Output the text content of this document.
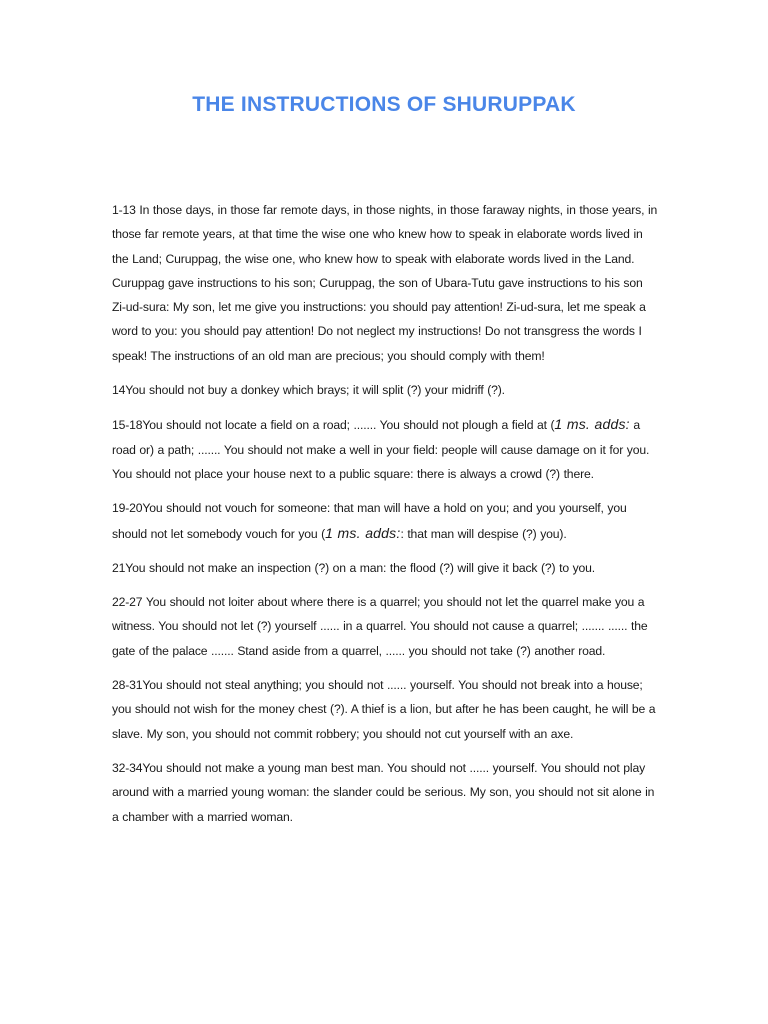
THE INSTRUCTIONS OF SHURUPPAK

1-13 In those days, in those far remote days, in those nights, in those faraway nights, in those years, in those far remote years, at that time the wise one who knew how to speak in elaborate words lived in the Land; Curuppag, the wise one, who knew how to speak with elaborate words lived in the Land. Curuppag gave instructions to his son; Curuppag, the son of Ubara-Tutu gave instructions to his son Zi-ud-sura: My son, let me give you instructions: you should pay attention! Zi-ud-sura, let me speak a word to you: you should pay attention! Do not neglect my instructions! Do not transgress the words I speak! The instructions of an old man are precious; you should comply with them!

14You should not buy a donkey which brays; it will split (?) your midriff (?).

15-18You should not locate a field on a road; ....... You should not plough a field at (1 ms. adds: a road or) a path; ....... You should not make a well in your field: people will cause damage on it for you. You should not place your house next to a public square: there is always a crowd (?) there.

19-20You should not vouch for someone: that man will have a hold on you; and you yourself, you should not let somebody vouch for you (1 ms. adds:: that man will despise (?) you).

21You should not make an inspection (?) on a man: the flood (?) will give it back (?) to you.

22-27 You should not loiter about where there is a quarrel; you should not let the quarrel make you a witness. You should not let (?) yourself ...... in a quarrel. You should not cause a quarrel; ....... ...... the gate of the palace ....... Stand aside from a quarrel, ...... you should not take (?) another road.

28-31You should not steal anything; you should not ...... yourself. You should not break into a house; you should not wish for the money chest (?). A thief is a lion, but after he has been caught, he will be a slave. My son, you should not commit robbery; you should not cut yourself with an axe.

32-34You should not make a young man best man. You should not ...... yourself. You should not play around with a married young woman: the slander could be serious. My son, you should not sit alone in a chamber with a married woman.
